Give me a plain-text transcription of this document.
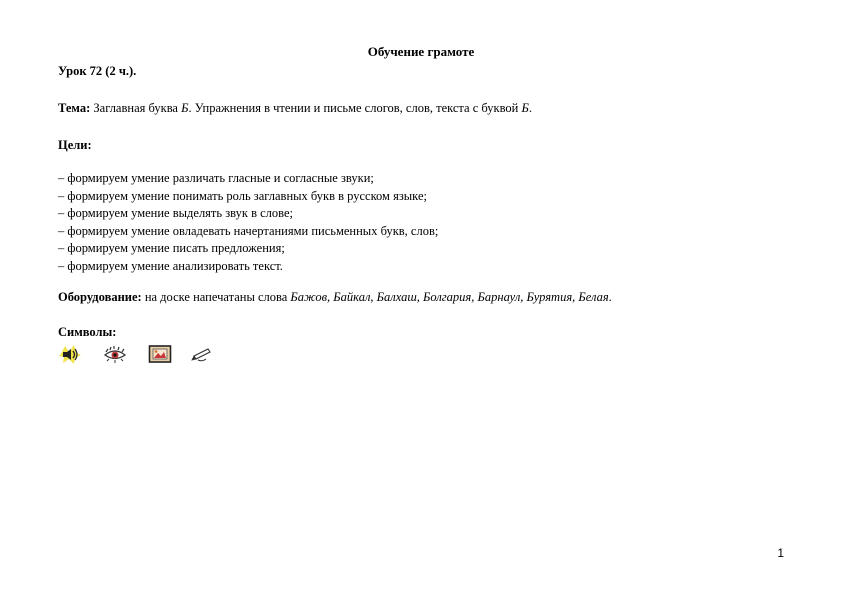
Обучение грамоте
Урок 72 (2 ч.).
Тема: Заглавная буква Б. Упражнения в чтении и письме слогов, слов, текста с буквой Б.
Цели:
– формируем умение различать гласные и согласные звуки;
– формируем умение понимать роль заглавных букв в русском языке;
– формируем умение выделять звук в слове;
– формируем умение овладевать начертаниями письменных букв, слов;
– формируем умение писать предложения;
– формируем умение анализировать текст.
Оборудование: на доске напечатаны слова Бажов, Байкал, Балхаш, Болгария, Барнаул, Бурятия, Белая.
Символы:
1
